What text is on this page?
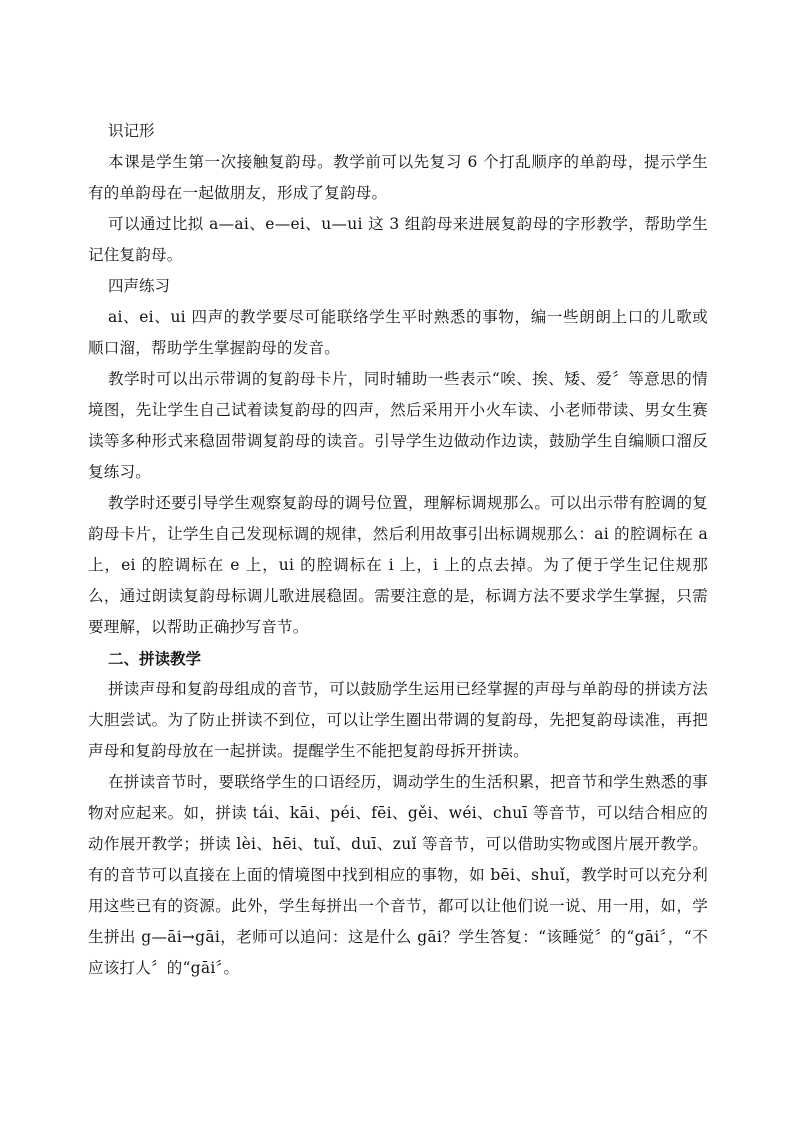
识记形

本课是学生第一次接触复韵母。教学前可以先复习 6 个打乱顺序的单韵母，提示学生有的单韵母在一起做朋友，形成了复韵母。

可以通过比拟 a—ai、e—ei、u—ui 这 3 组韵母来进展复韵母的字形教学，帮助学生记住复韵母。

四声练习

ai、ei、ui 四声的教学要尽可能联络学生平时熟悉的事物，编一些朗朗上口的儿歌或顺口溜，帮助学生掌握韵母的发音。

教学时可以出示带调的复韵母卡片，同时辅助一些表示“唉、挨、矮、爱〞等意思的情境图，先让学生自己试着读复韵母的四声，然后采用开小火车读、小老师带读、男女生赛读等多种形式来稳固带调复韵母的读音。引导学生边做动作边读，鼓励学生自编顺口溜反复练习。

教学时还要引导学生观察复韵母的调号位置，理解标调规那么。可以出示带有腔调的复韵母卡片，让学生自己发现标调的规律，然后利用故事引出标调规那么：ai 的腔调标在 a 上，ei 的腔调标在 e 上，ui 的腔调标在 i 上，i 上的点去掉。为了便于学生记住规那么，通过朗读复韵母标调儿歌进展稳固。需要注意的是，标调方法不要求学生掌握，只需要理解，以帮助正确抄写音节。

二、拼读教学

拼读声母和复韵母组成的音节，可以鼓励学生运用已经掌握的声母与单韵母的拼读方法大胆尝试。为了防止拼读不到位，可以让学生圈出带调的复韵母，先把复韵母读准，再把声母和复韵母放在一起拼读。提醒学生不能把复韵母拆开拼读。

在拼读音节时，要联络学生的口语经历，调动学生的生活积累，把音节和学生熟悉的事物对应起来。如，拼读 tái、kāi、péi、fēi、gěi、wéi、chuī 等音节，可以结合相应的动作展开教学；拼读 lèi、hēi、tuǐ、duī、zuǐ 等音节，可以借助实物或图片展开教学。有的音节可以直接在上面的情境图中找到相应的事物，如 bēi、shuǐ，教学时可以充分利用这些已有的资源。此外，学生每拼出一个音节，都可以让他们说一说、用一用，如，学生拼出 g—āi→gāi，老师可以追问：这是什么 gāi？学生答复：“该睡觉〞的“gāi〞，“不应该打人〞的“gāi〞。
